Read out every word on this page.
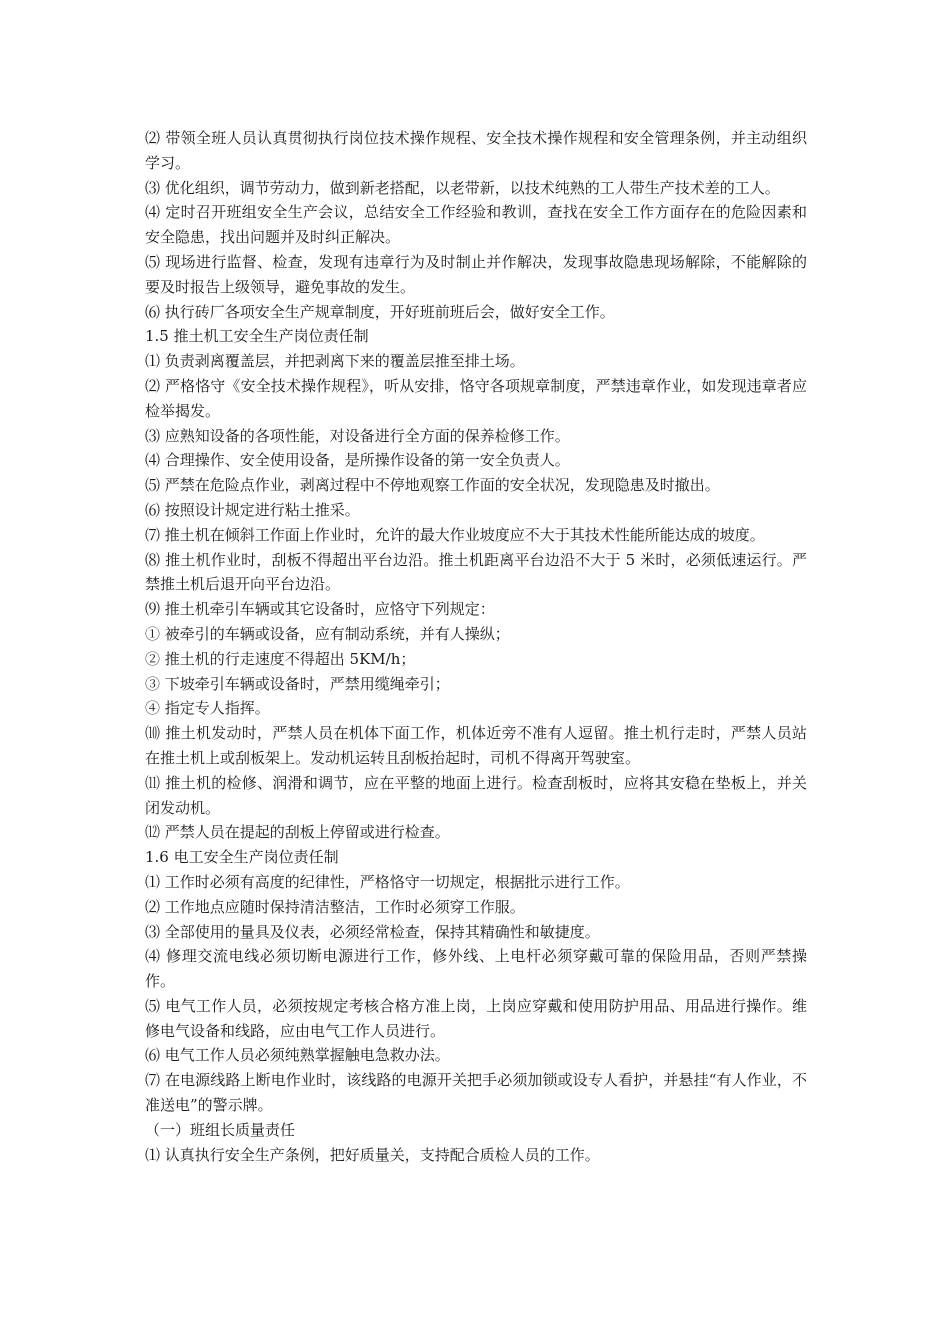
⑵ 带领全班人员认真贯彻执行岗位技术操作规程、安全技术操作规程和安全管理条例，并主动组织学习。

⑶ 优化组织，调节劳动力，做到新老搭配，以老带新，以技术纯熟的工人带生产技术差的工人。

⑷ 定时召开班组安全生产会议，总结安全工作经验和教训，查找在安全工作方面存在的危险因素和安全隐患，找出问题并及时纠正解决。

⑸ 现场进行监督、检查，发现有违章行为及时制止并作解决，发现事故隐患现场解除，不能解除的要及时报告上级领导，避免事故的发生。

⑹ 执行砖厂各项安全生产规章制度，开好班前班后会，做好安全工作。

1.5 推土机工安全生产岗位责任制

⑴ 负责剥离覆盖层，并把剥离下来的覆盖层推至排土场。

⑵ 严格恪守《安全技术操作规程》，听从安排，恪守各项规章制度，严禁违章作业，如发现违章者应检举揭发。

⑶ 应熟知设备的各项性能，对设备进行全方面的保养检修工作。

⑷ 合理操作、安全使用设备，是所操作设备的第一安全负责人。

⑸ 严禁在危险点作业，剥离过程中不停地观察工作面的安全状况，发现隐患及时撤出。

⑹ 按照设计规定进行粘土推采。

⑺ 推土机在倾斜工作面上作业时，允许的最大作业坡度应不大于其技术性能所能达成的坡度。

⑻ 推土机作业时，刮板不得超出平台边沿。推土机距离平台边沿不大于 5 米时，必须低速运行。严禁推土机后退开向平台边沿。

⑼ 推土机牵引车辆或其它设备时，应恪守下列规定：

① 被牵引的车辆或设备，应有制动系统，并有人操纵；

② 推土机的行走速度不得超出 5KM/h；

③ 下坡牵引车辆或设备时，严禁用缆绳牵引；

④ 指定专人指挥。

⑽ 推土机发动时，严禁人员在机体下面工作，机体近旁不准有人逗留。推土机行走时，严禁人员站在推土机上或刮板架上。发动机运转且刮板抬起时，司机不得离开驾驶室。

⑾ 推土机的检修、润滑和调节，应在平整的地面上进行。检查刮板时，应将其安稳在垫板上，并关闭发动机。

⑿ 严禁人员在提起的刮板上停留或进行检查。

1.6 电工安全生产岗位责任制

⑴ 工作时必须有高度的纪律性，严格恪守一切规定，根据批示进行工作。

⑵ 工作地点应随时保持清洁整洁，工作时必须穿工作服。

⑶ 全部使用的量具及仪表，必须经常检查，保持其精确性和敏捷度。

⑷ 修理交流电线必须切断电源进行工作，修外线、上电杆必须穿戴可靠的保险用品，否则严禁操作。

⑸ 电气工作人员，必须按规定考核合格方准上岗，上岗应穿戴和使用防护用品、用品进行操作。维修电气设备和线路，应由电气工作人员进行。

⑹ 电气工作人员必须纯熟掌握触电急救办法。

⑺ 在电源线路上断电作业时，该线路的电源开关把手必须加锁或设专人看护，并悬挂“有人作业，不准送电”的警示牌。

（一）班组长质量责任

⑴ 认真执行安全生产条例，把好质量关，支持配合质检人员的工作。
